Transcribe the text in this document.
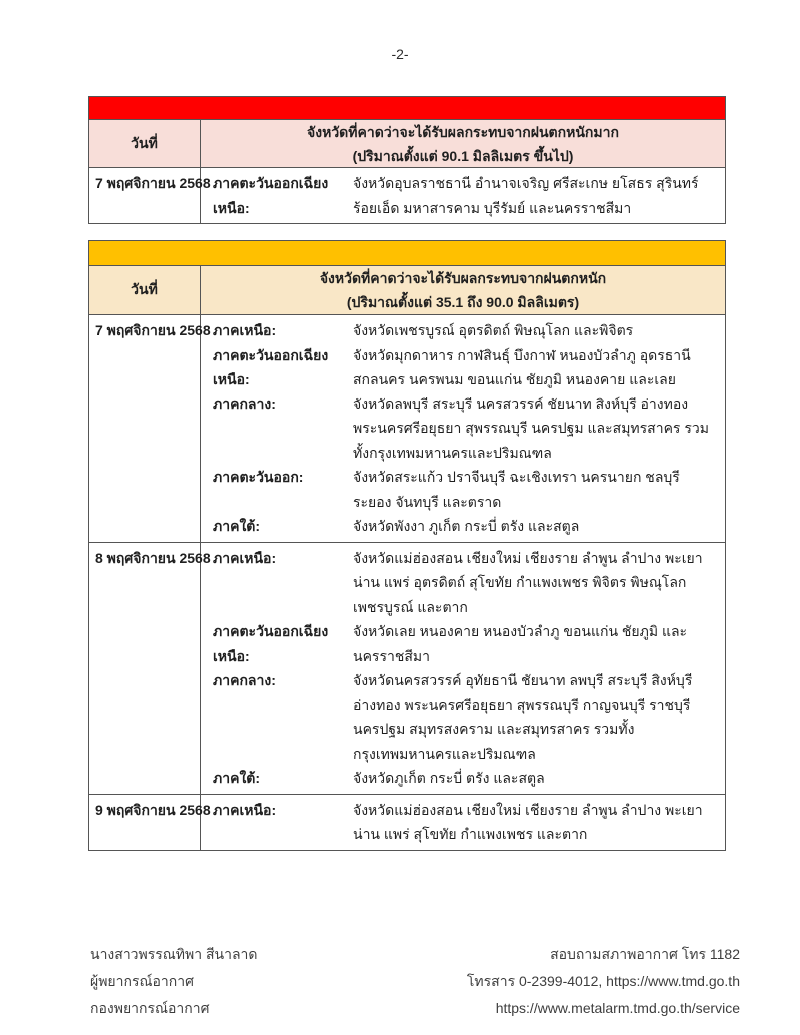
-2-
วันที่
จังหวัดที่คาดว่าจะได้รับผลกระทบจากฝนตกหนักมาก
(ปริมาณตั้งแต่ 90.1 มิลลิเมตร ขึ้นไป)
7 พฤศจิกายน 2568 ภาคตะวันออกเฉียงเหนือ:
จังหวัดอุบลราชธานี อำนาจเจริญ ศรีสะเกษ ยโสธร สุรินทร์ ร้อยเอ็ด มหาสารคาม บุรีรัมย์ และนครราชสีมา
วันที่
จังหวัดที่คาดว่าจะได้รับผลกระทบจากฝนตกหนัก
(ปริมาณตั้งแต่ 35.1 ถึง 90.0 มิลลิเมตร)
7 พฤศจิกายน 2568 ภาคเหนือ:	จังหวัดเพชรบูรณ์ อุตรดิตถ์ พิษณุโลก และพิจิตร
ภาคตะวันออกเฉียงเหนือ:
จังหวัดมุกดาหาร กาฬสินธุ์ บึงกาฬ หนองบัวลำภู อุดรธานี สกลนคร นครพนม ขอนแก่น ชัยภูมิ หนองคาย และเลย
ภาคกลาง:	จังหวัดลพบุรี สระบุรี นครสวรรค์ ชัยนาท สิงห์บุรี อ่างทอง พระนครศรีอยุธยา สุพรรณบุรี นครปฐม และสมุทรสาคร รวมทั้งกรุงเทพมหานครและปริมณฑล
ภาคตะวันออก:	จังหวัดสระแก้ว ปราจีนบุรี ฉะเชิงเทรา นครนายก ชลบุรี ระยอง จันทบุรี และตราด
ภาคใต้:	จังหวัดพังงา ภูเก็ต กระบี่ ตรัง และสตูล
8 พฤศจิกายน 2568 ภาคเหนือ:	จังหวัดแม่ฮ่องสอน เชียงใหม่ เชียงราย ลำพูน ลำปาง พะเยา น่าน แพร่ อุตรดิตถ์ สุโขทัย กำแพงเพชร พิจิตร พิษณุโลก เพชรบูรณ์ และตาก
ภาคตะวันออกเฉียงเหนือ:
จังหวัดเลย หนองคาย หนองบัวลำภู ขอนแก่น ชัยภูมิ และนครราชสีมา
ภาคกลาง:	จังหวัดนครสวรรค์ อุทัยธานี ชัยนาท ลพบุรี สระบุรี สิงห์บุรี อ่างทอง พระนครศรีอยุธยา สุพรรณบุรี กาญจนบุรี ราชบุรี นครปฐม สมุทรสงคราม และสมุทรสาคร รวมทั้งกรุงเทพมหานครและปริมณฑล
ภาคใต้:	จังหวัดภูเก็ต กระบี่ ตรัง และสตูล
9 พฤศจิกายน 2568 ภาคเหนือ:	จังหวัดแม่ฮ่องสอน เชียงใหม่ เชียงราย ลำพูน ลำปาง พะเยา น่าน แพร่ สุโขทัย กำแพงเพชร และตาก
นางสาวพรรณทิพา สีนาลาด
ผู้พยากรณ์อากาศ
กองพยากรณ์อากาศ
สอบถามสภาพอากาศ โทร 1182
โทรสาร 0-2399-4012, https://www.tmd.go.th
https://www.metalarm.tmd.go.th/service
